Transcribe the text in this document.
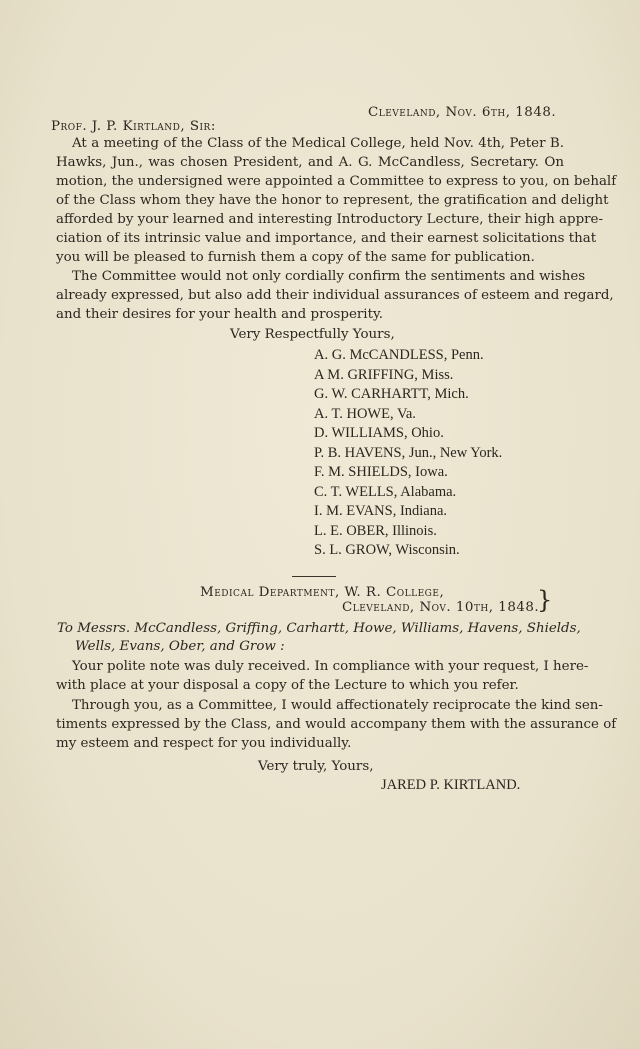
Cleveland, Nov. 6th, 1848.
Prof. J. P. Kirtland, Sir:
At a meeting of the Class of the Medical College, held Nov. 4th, Peter B.
Hawks, Jun., was chosen President, and A. G. McCandless, Secretary. On
motion, the undersigned were appointed a Committee to express to you, on behalf
of the Class whom they have the honor to represent, the gratification and delight
afforded by your learned and interesting Introductory Lecture, their high appre-
ciation of its intrinsic value and importance, and their earnest solicitations that
you will be pleased to furnish them a copy of the same for publication.
The Committee would not only cordially confirm the sentiments and wishes
already expressed, but also add their individual assurances of esteem and regard,
and their desires for your health and prosperity.
Very Respectfully Yours,
A. G. McCANDLESS, Penn.
A M. GRIFFING, Miss.
G. W. CARHARTT, Mich.
A. T. HOWE, Va.
D. WILLIAMS, Ohio.
P. B. HAVENS, Jun., New York.
F. M. SHIELDS, Iowa.
C. T. WELLS, Alabama.
I. M. EVANS, Indiana.
L. E. OBER, Illinois.
S. L. GROW, Wisconsin.
Medical Department, W. R. College,
Cleveland, Nov. 10th, 1848.
}
To Messrs. McCandless, Griffing, Carhartt, Howe, Williams, Havens, Shields,
Wells, Evans, Ober, and Grow :
Your polite note was duly received. In compliance with your request, I here-
with place at your disposal a copy of the Lecture to which you refer.
Through you, as a Committee, I would affectionately reciprocate the kind sen-
timents expressed by the Class, and would accompany them with the assurance of
my esteem and respect for you individually.
Very truly, Yours,
JARED P. KIRTLAND.
